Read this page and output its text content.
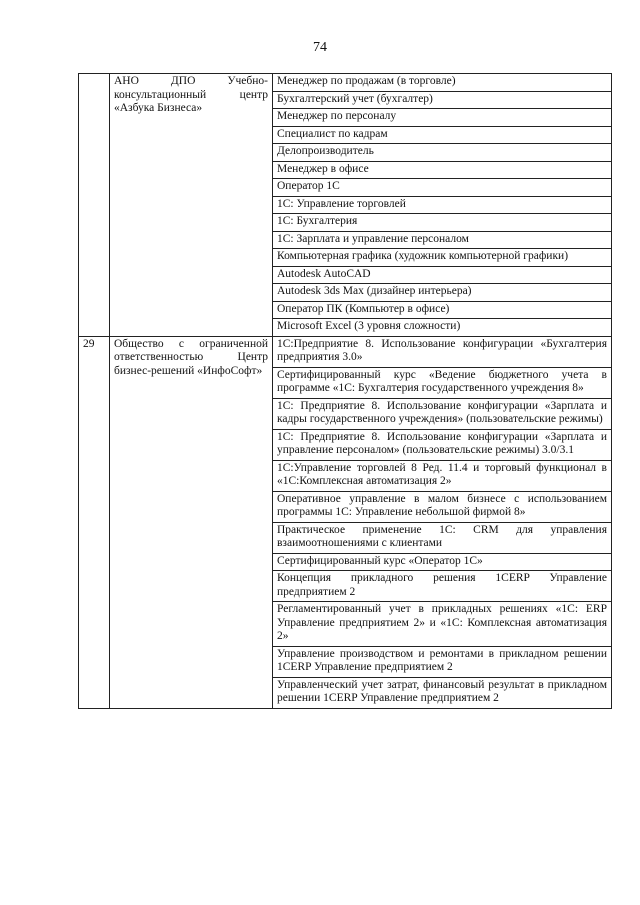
74

	АНО ДПО Учебно-консультационный центр «Азбука Бизнеса»	Менеджер по продажам (в торговле)
		Бухгалтерский учет (бухгалтер)
		Менеджер по персоналу
		Специалист по кадрам
		Делопроизводитель
		Менеджер в офисе
		Оператор 1С
		1С: Управление торговлей
		1С: Бухгалтерия
		1С: Зарплата и управление персоналом
		Компьютерная графика (художник компьютерной графики)
		Autodesk AutoCAD
		Autodesk 3ds Max (дизайнер интерьера)
		Оператор ПК (Компьютер в офисе)
		Microsoft Excel (3 уровня сложности)
29	Общество с ограниченной ответственностью Центр бизнес-решений «ИнфоСофт»	1С:Предприятие 8. Использование конфигурации «Бухгалтерия предприятия 3.0»
		Сертифицированный курс «Ведение бюджетного учета в программе «1С: Бухгалтерия государственного учреждения 8»
		1С: Предприятие 8. Использование конфигурации «Зарплата и кадры государственного учреждения» (пользовательские режимы)
		1С: Предприятие 8. Использование конфигурации «Зарплата и управление персоналом» (пользовательские режимы) 3.0/3.1
		1С:Управление торговлей 8 Ред. 11.4 и торговый функционал в «1С:Комплексная автоматизация 2»
		Оперативное управление в малом бизнесе с использованием программы 1С: Управление небольшой фирмой 8»
		Практическое применение 1С: CRM для управления взаимоотношениями с клиентами
		Сертифицированный курс «Оператор 1С»
		Концепция прикладного решения 1CERP Управление предприятием 2
		Регламентированный учет в прикладных решениях «1С: ERP Управление предприятием 2» и «1С: Комплексная автоматизация 2»
		Управление производством и ремонтами в прикладном решении 1CERP Управление предприятием 2
		Управленческий учет затрат, финансовый результат в прикладном решении 1CERP Управление предприятием 2
